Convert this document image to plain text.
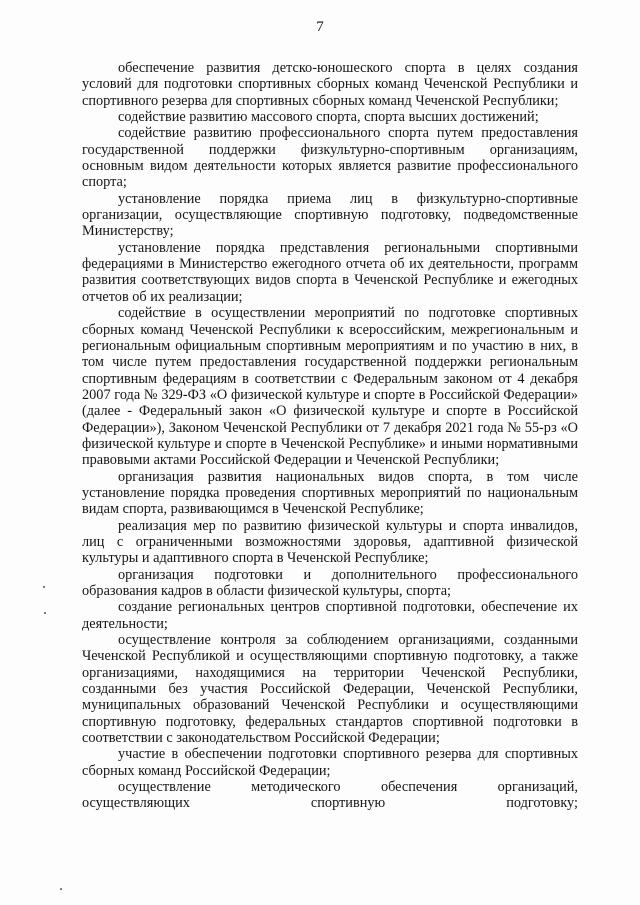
7

обеспечение развития детско-юношеского спорта в целях создания условий для подготовки спортивных сборных команд Чеченской Республики и спортивного резерва для спортивных сборных команд Чеченской Республики;

содействие развитию массового спорта, спорта высших достижений;

содействие развитию профессионального спорта путем предоставления государственной поддержки физкультурно-спортивным организациям, основным видом деятельности которых является развитие профессионального спорта;

установление порядка приема лиц в физкультурно-спортивные организации, осуществляющие спортивную подготовку, подведомственные Министерству;

установление порядка представления региональными спортивными федерациями в Министерство ежегодного отчета об их деятельности, программ развития соответствующих видов спорта в Чеченской Республике и ежегодных отчетов об их реализации;

содействие в осуществлении мероприятий по подготовке спортивных сборных команд Чеченской Республики к всероссийским, межрегиональным и региональным официальным спортивным мероприятиям и по участию в них, в том числе путем предоставления государственной поддержки региональным спортивным федерациям в соответствии с Федеральным законом от 4 декабря 2007 года № 329-ФЗ «О физической культуре и спорте в Российской Федерации» (далее - Федеральный закон «О физической культуре и спорте в Российской Федерации»), Законом Чеченской Республики от 7 декабря 2021 года № 55-рз «О физической культуре и спорте в Чеченской Республике» и иными нормативными правовыми актами Российской Федерации и Чеченской Республики;

организация развития национальных видов спорта, в том числе установление порядка проведения спортивных мероприятий по национальным видам спорта, развивающимся в Чеченской Республике;

реализация мер по развитию физической культуры и спорта инвалидов, лиц с ограниченными возможностями здоровья, адаптивной физической культуры и адаптивного спорта в Чеченской Республике;

организация подготовки и дополнительного профессионального образования кадров в области физической культуры, спорта;

создание региональных центров спортивной подготовки, обеспечение их деятельности;

осуществление контроля за соблюдением организациями, созданными Чеченской Республикой и осуществляющими спортивную подготовку, а также организациями, находящимися на территории Чеченской Республики, созданными без участия Российской Федерации, Чеченской Республики, муниципальных образований Чеченской Республики и осуществляющими спортивную подготовку, федеральных стандартов спортивной подготовки в соответствии с законодательством Российской Федерации;

участие в обеспечении подготовки спортивного резерва для спортивных сборных команд Российской Федерации;

осуществление методического обеспечения организаций, осуществляющих спортивную подготовку;
